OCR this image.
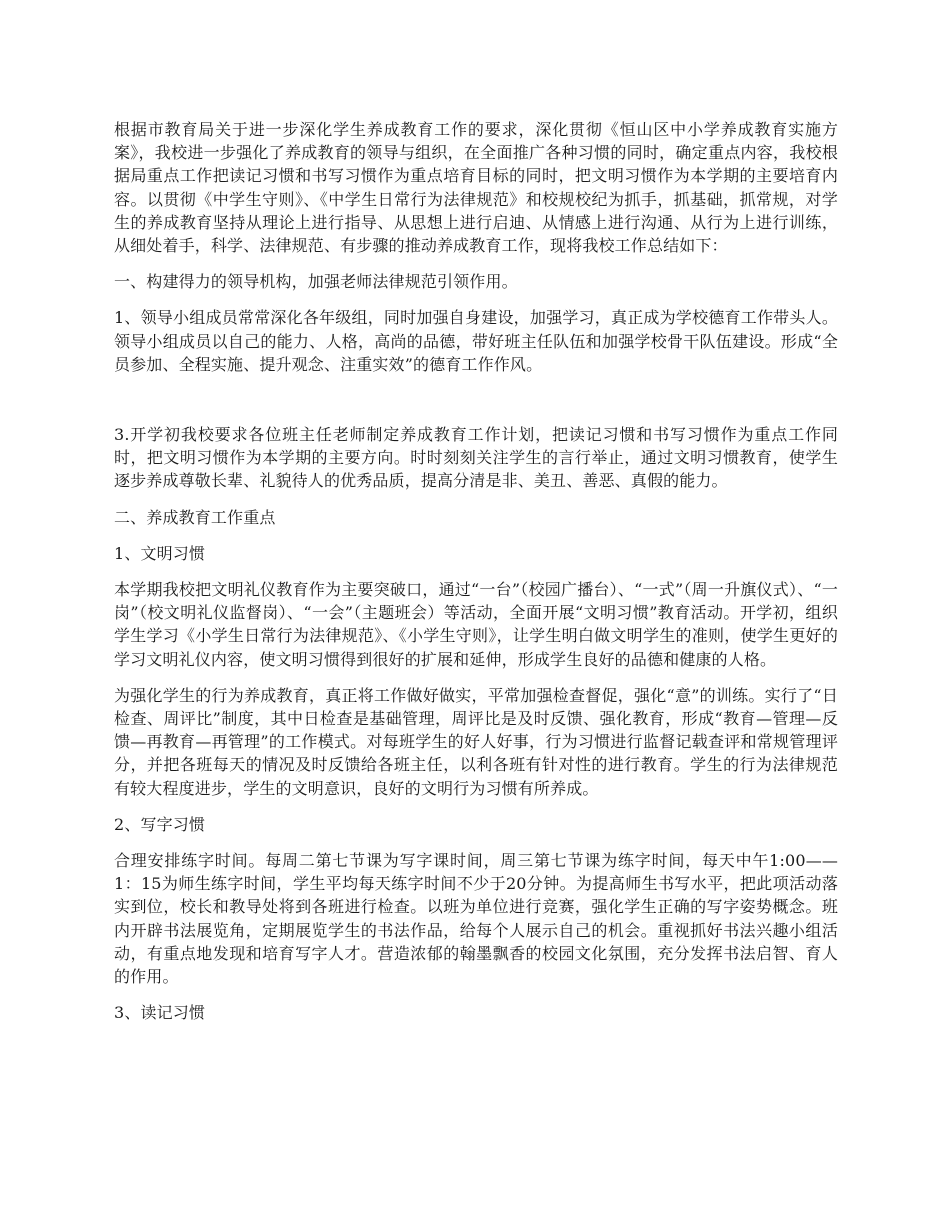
根据市教育局关于进一步深化学生养成教育工作的要求，深化贯彻《恒山区中小学养成教育实施方案》，我校进一步强化了养成教育的领导与组织，在全面推广各种习惯的同时，确定重点内容，我校根据局重点工作把读记习惯和书写习惯作为重点培育目标的同时，把文明习惯作为本学期的主要培育内容。以贯彻《中学生守则》、《中学生日常行为法律规范》和校规校纪为抓手，抓基础，抓常规，对学生的养成教育坚持从理论上进行指导、从思想上进行启迪、从情感上进行沟通、从行为上进行训练，从细处着手，科学、法律规范、有步骤的推动养成教育工作，现将我校工作总结如下：

一、构建得力的领导机构，加强老师法律规范引领作用。

1、领导小组成员常常深化各年级组，同时加强自身建设，加强学习，真正成为学校德育工作带头人。领导小组成员以自己的能力、人格，高尚的品德，带好班主任队伍和加强学校骨干队伍建设。形成“全员参加、全程实施、提升观念、注重实效”的德育工作作风。

3.开学初我校要求各位班主任老师制定养成教育工作计划，把读记习惯和书写习惯作为重点工作同时，把文明习惯作为本学期的主要方向。时时刻刻关注学生的言行举止，通过文明习惯教育，使学生逐步养成尊敬长辈、礼貌待人的优秀品质，提高分清是非、美丑、善恶、真假的能力。

二、养成教育工作重点

1、文明习惯

本学期我校把文明礼仪教育作为主要突破口，通过“一台”（校园广播台）、“一式”（周一升旗仪式）、“一岗”（校文明礼仪监督岗）、“一会”（主题班会）等活动，全面开展“文明习惯”教育活动。开学初，组织学生学习《小学生日常行为法律规范》、《小学生守则》，让学生明白做文明学生的准则，使学生更好的学习文明礼仪内容，使文明习惯得到很好的扩展和延伸，形成学生良好的品德和健康的人格。

为强化学生的行为养成教育，真正将工作做好做实，平常加强检查督促，强化“意”的训练。实行了“日检查、周评比”制度，其中日检查是基础管理，周评比是及时反馈、强化教育，形成“教育—管理—反馈—再教育—再管理”的工作模式。对每班学生的好人好事，行为习惯进行监督记载查评和常规管理评分，并把各班每天的情况及时反馈给各班主任，以利各班有针对性的进行教育。学生的行为法律规范有较大程度进步，学生的文明意识，良好的文明行为习惯有所养成。

2、写字习惯

合理安排练字时间。每周二第七节课为写字课时间，周三第七节课为练字时间，每天中午1:00——1：15为师生练字时间，学生平均每天练字时间不少于20分钟。为提高师生书写水平，把此项活动落实到位，校长和教导处将到各班进行检查。以班为单位进行竞赛，强化学生正确的写字姿势概念。班内开辟书法展览角，定期展览学生的书法作品，给每个人展示自己的机会。重视抓好书法兴趣小组活动，有重点地发现和培育写字人才。营造浓郁的翰墨飘香的校园文化氛围，充分发挥书法启智、育人的作用。

3、读记习惯
